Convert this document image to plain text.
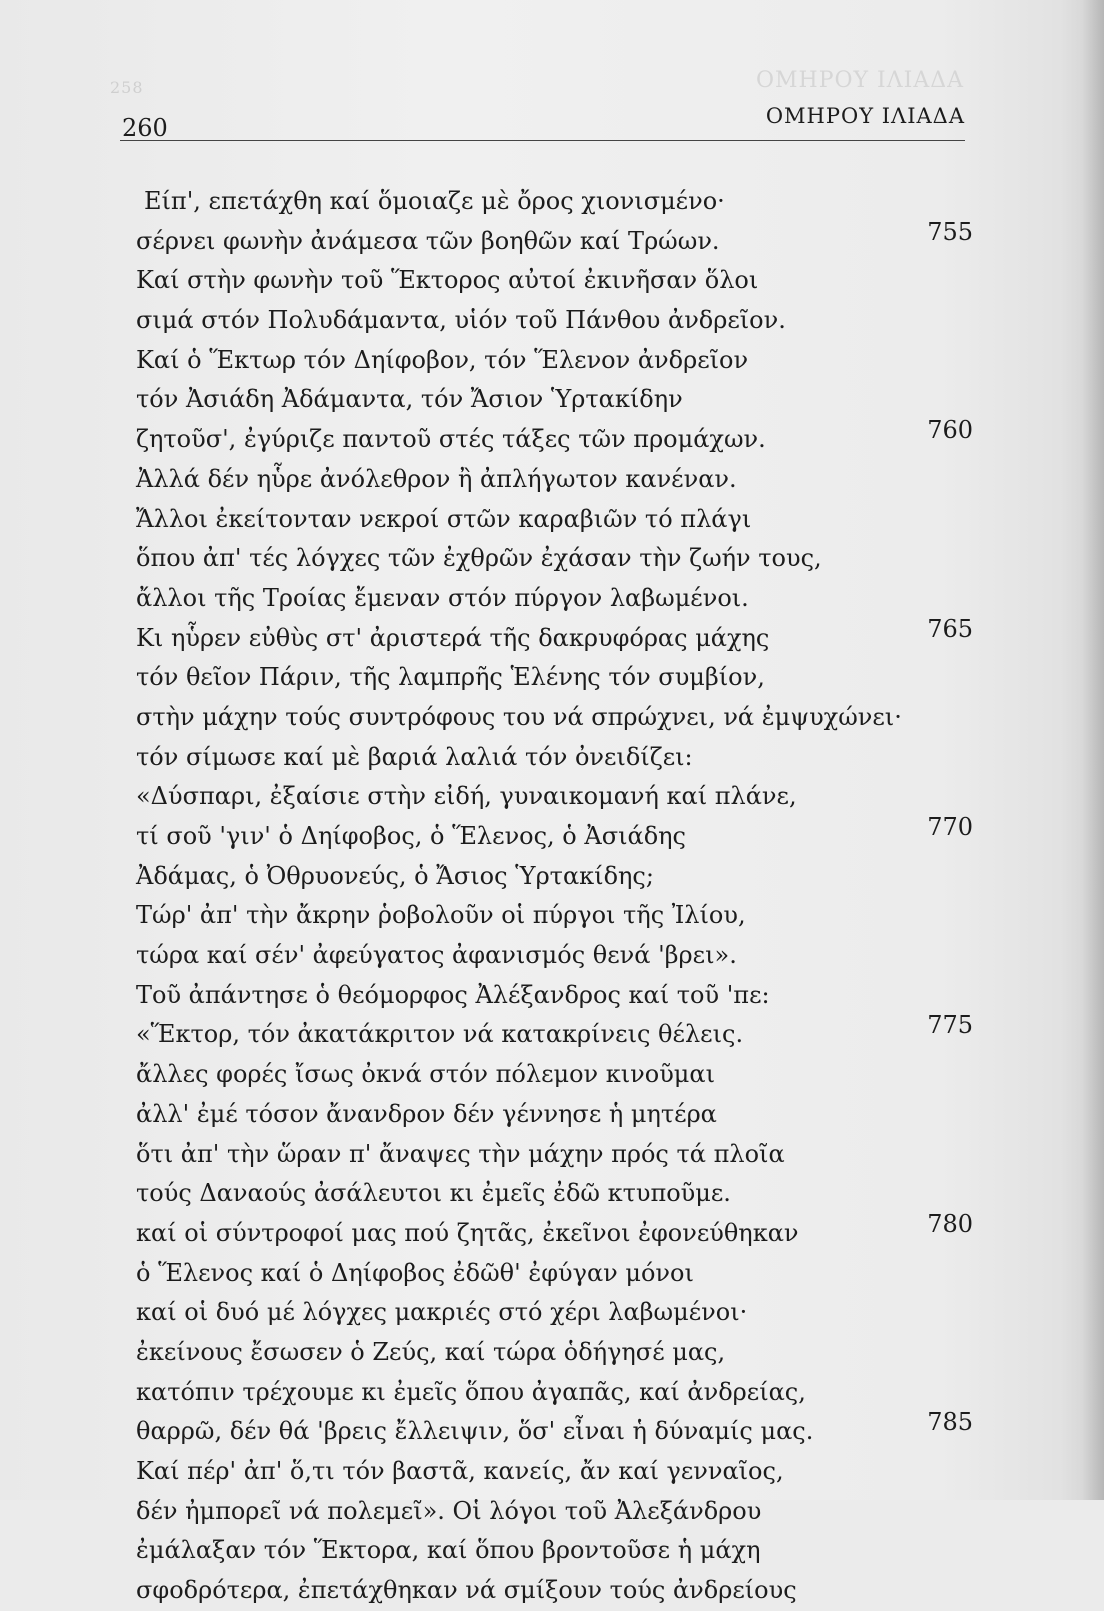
258	ΟΜΗΡΟΥ ΙΛΙΑΔΑ
260	ΟΜΗΡΟΥ ΙΛΙΑΔΑ
Είπ', επετάχθη καί ὅμοιαζε μὲ ὄρος χιονισμένο·
σέρνει φωνὴν ἀνάμεσα τῶν βοηθῶν καί Τρώων.	755
Καί στὴν φωνὴν τοῦ Ἕκτορος αὐτοί ἐκινῆσαν ὅλοι
σιμά στόν Πολυδάμαντα, υἱόν τοῦ Πάνθου ἀνδρεῖον.
Καί ὁ Ἕκτωρ τόν Δηίφοβον, τόν Ἕλενον ἀνδρεῖον
τόν Ἀσιάδη Ἀδάμαντα, τόν Ἄσιον Ὑρτακίδην
ζητοῦσ', ἐγύριζε παντοῦ στές τάξες τῶν προμάχων.	760
Ἀλλά δέν ηὗρε ἀνόλεθρον ἢ ἀπλήγωτον κανέναν.
Ἄλλοι ἐκείτονταν νεκροί στῶν καραβιῶν τό πλάγι
ὅπου ἀπ' τές λόγχες τῶν ἐχθρῶν ἐχάσαν τὴν ζωήν τους,
ἄλλοι τῆς Τροίας ἔμεναν στόν πύργον λαβωμένοι.
Κι ηὗρεν εὐθὺς στ' ἀριστερά τῆς δακρυφόρας μάχης	765
τόν θεῖον Πάριν, τῆς λαμπρῆς Ἑλένης τόν συμβίον,
στὴν μάχην τούς συντρόφους του νά σπρώχνει, νά ἐμψυχώνει·
τόν σίμωσε καί μὲ βαριά λαλιά τόν ὀνειδίζει:
«Δύσπαρι, ἐξαίσιε στὴν εἰδή, γυναικομανή καί πλάνε,
τί σοῦ 'γιν' ὁ Δηίφοβος, ὁ Ἕλενος, ὁ Ἀσιάδης	770
Ἀδάμας, ὁ Ὀθρυονεύς, ὁ Ἄσιος Ὑρτακίδης;
Τώρ' ἀπ' τὴν ἄκρην ῥοβολοῦν οἱ πύργοι τῆς Ἰλίου,
τώρα καί σέν' ἀφεύγατος ἀφανισμός θενά 'βρει».
Τοῦ ἀπάντησε ὁ θεόμορφος Ἀλέξανδρος καί τοῦ 'πε:
«Ἕκτορ, τόν ἀκατάκριτον νά κατακρίνεις θέλεις.	775
ἄλλες φορές ἴσως ὀκνά στόν πόλεμον κινοῦμαι
ἀλλ' ἐμέ τόσον ἄνανδρον δέν γέννησε ἡ μητέρα
ὅτι ἀπ' τὴν ὥραν π' ἄναψες τὴν μάχην πρός τά πλοῖα
τούς Δαναούς ἀσάλευτοι κι ἐμεῖς ἐδῶ κτυποῦμε.
καί οἱ σύντροφοί μας πού ζητᾶς, ἐκεῖνοι ἐφονεύθηκαν	780
ὁ Ἕλενος καί ὁ Δηίφοβος ἐδῶθ' ἐφύγαν μόνοι
καί οἱ δυό μέ λόγχες μακριές στό χέρι λαβωμένοι·
ἐκείνους ἔσωσεν ὁ Ζεύς, καί τώρα ὁδήγησέ μας,
κατόπιν τρέχουμε κι ἐμεῖς ὅπου ἀγαπᾶς, καί ἀνδρείας,
θαρρῶ, δέν θά 'βρεις ἔλλειψιν, ὅσ' εἶναι ἡ δύναμίς μας.	785
Καί πέρ' ἀπ' ὅ,τι τόν βαστᾶ, κανείς, ἄν καί γενναῖος,
δέν ἠμπορεῖ νά πολεμεῖ». Οἱ λόγοι τοῦ Ἀλεξάνδρου
ἐμάλαξαν τόν Ἕκτορα, καί ὅπου βροντοῦσε ἡ μάχη
σφοδρότερα, ἐπετάχθηκαν νά σμίξουν τούς ἀνδρείους
